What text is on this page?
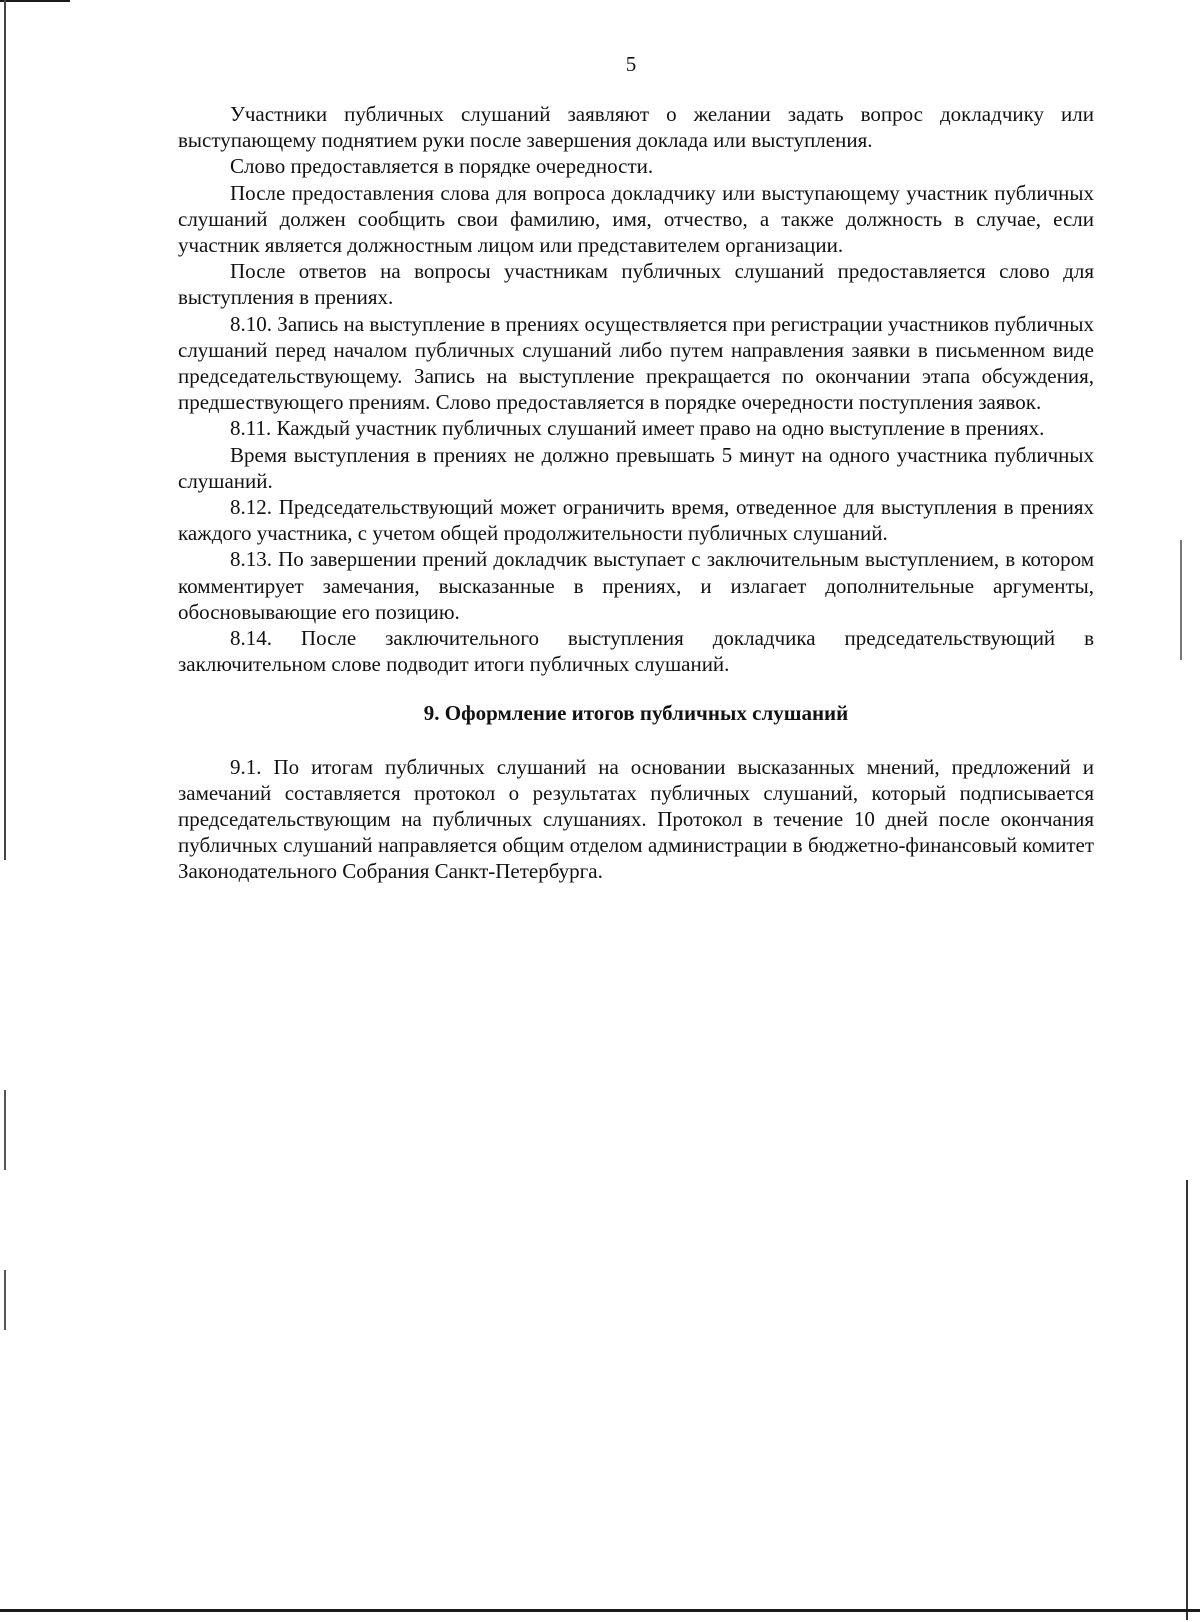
5

Участники публичных слушаний заявляют о желании задать вопрос докладчику или выступающему поднятием руки после завершения доклада или выступления.

Слово предоставляется в порядке очередности.

После предоставления слова для вопроса докладчику или выступающему участник публичных слушаний должен сообщить свои фамилию, имя, отчество, а также должность в случае, если участник является должностным лицом или представителем организации.

После ответов на вопросы участникам публичных слушаний предоставляется слово для выступления в прениях.

8.10. Запись на выступление в прениях осуществляется при регистрации участников публичных слушаний перед началом публичных слушаний либо путем направления заявки в письменном виде председательствующему. Запись на выступление прекращается по окончании этапа обсуждения, предшествующего прениям. Слово предоставляется в порядке очередности поступления заявок.

8.11. Каждый участник публичных слушаний имеет право на одно выступление в прениях.

Время выступления в прениях не должно превышать 5 минут на одного участника публичных слушаний.

8.12. Председательствующий может ограничить время, отведенное для выступления в прениях каждого участника, с учетом общей продолжительности публичных слушаний.

8.13. По завершении прений докладчик выступает с заключительным выступлением, в котором комментирует замечания, высказанные в прениях, и излагает дополнительные аргументы, обосновывающие его позицию.

8.14. После заключительного выступления докладчика председательствующий в заключительном слове подводит итоги публичных слушаний.

9. Оформление итогов публичных слушаний

9.1. По итогам публичных слушаний на основании высказанных мнений, предложений и замечаний составляется протокол о результатах публичных слушаний, который подписывается председательствующим на публичных слушаниях. Протокол в течение 10 дней после окончания публичных слушаний направляется общим отделом администрации в бюджетно-финансовый комитет Законодательного Собрания Санкт-Петербурга.
